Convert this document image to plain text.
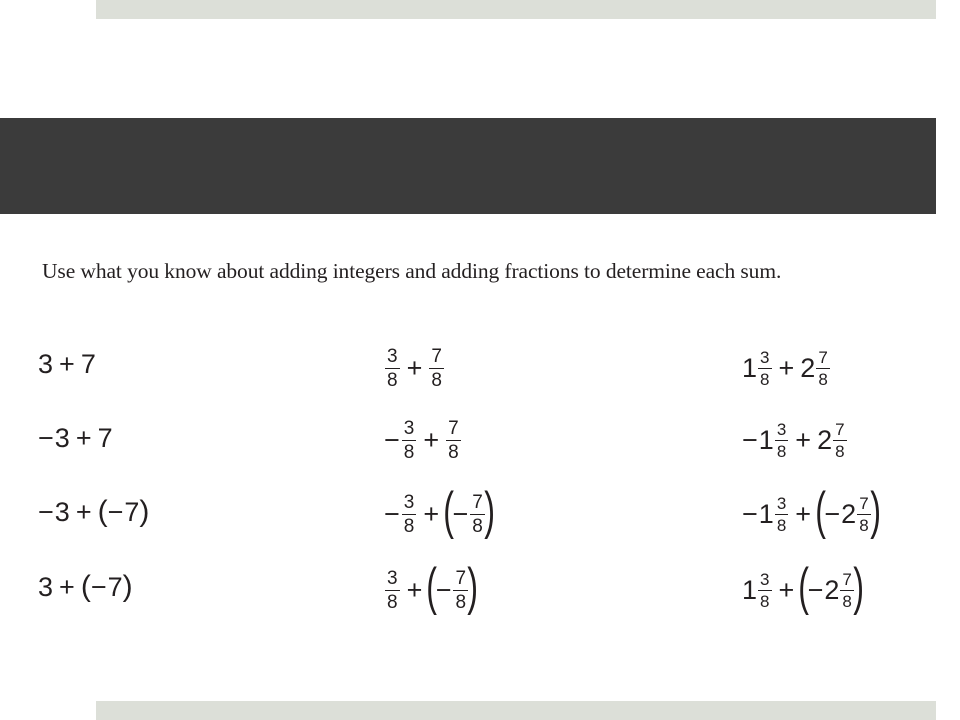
Use what you know about adding integers and adding fractions to determine each sum.
3 + 7
− 3 + 7
− 3 + ( − 7 )
3 + ( − 7 )
$\frac{3}{8} + \frac{7}{8}$
− $\frac{3}{8} + \frac{7}{8}$
− $\frac{3}{8}$ + (
− $\frac{7}{8}$
)
$\frac{3}{8}$ + (
− $\frac{7}{8}$
)
$1 \frac{3}{8} + 2 \frac{7}{8}$
− $1 \frac{3}{8} + 2 \frac{7}{8}$
− $1 \frac{3}{8}$ + (
− $2 \frac{7}{8}$
)
$1 \frac{3}{8}$ + (
− $2 \frac{7}{8}$
)
